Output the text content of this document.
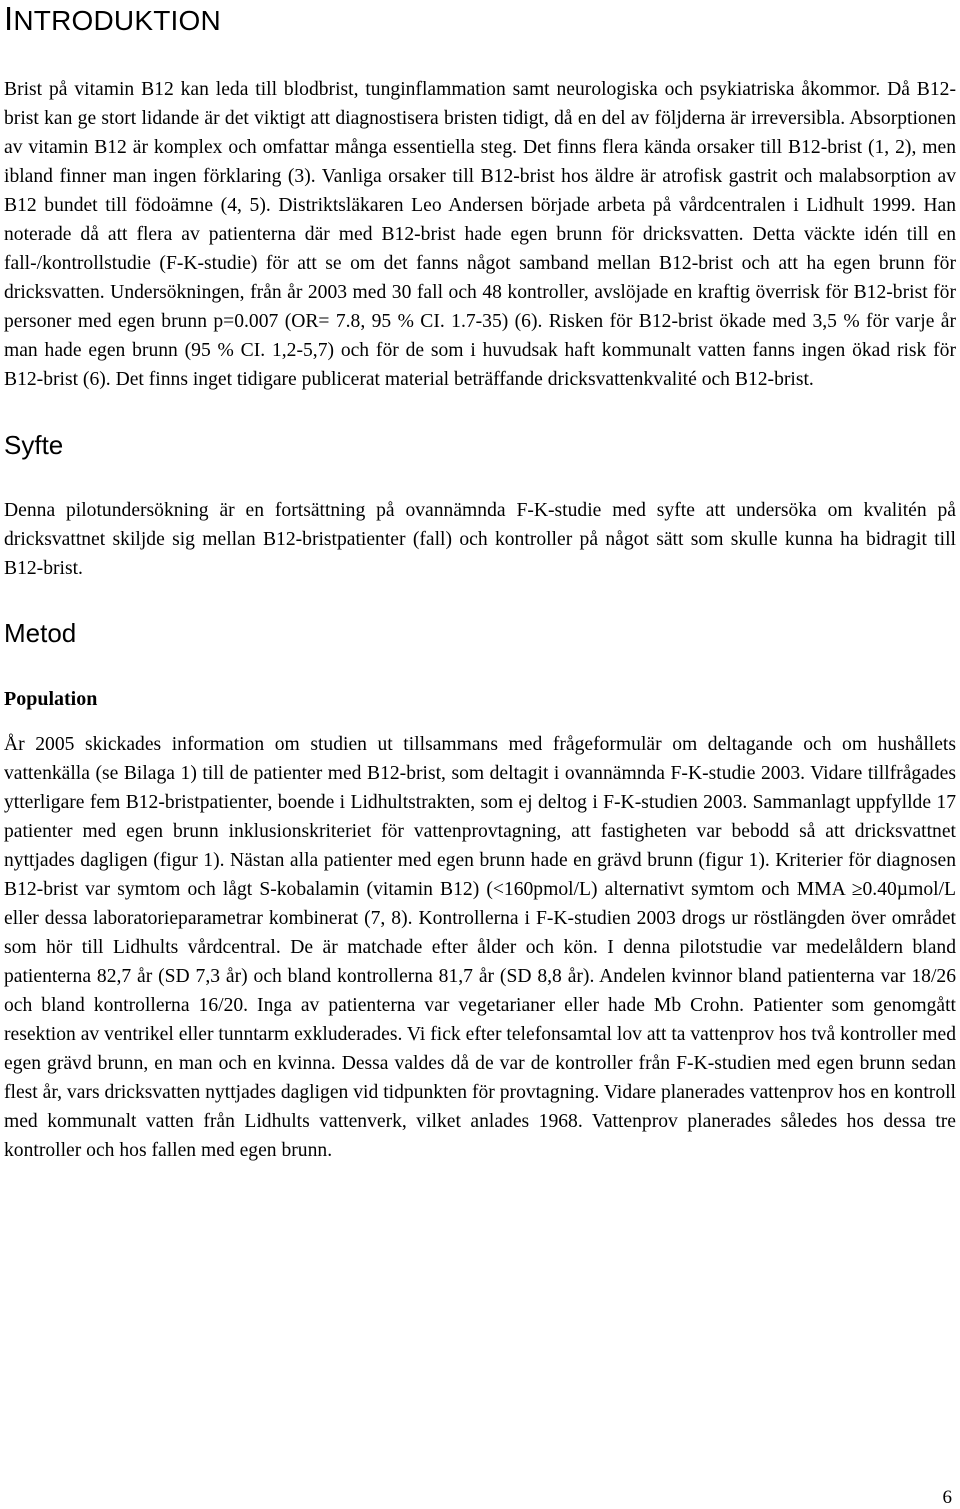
INTRODUKTION

Brist på vitamin B12 kan leda till blodbrist, tunginflammation samt neurologiska och psykiatriska åkommor. Då B12-brist kan ge stort lidande är det viktigt att diagnostisera bristen tidigt, då en del av följderna är irreversibla. Absorptionen av vitamin B12 är komplex och omfattar många essentiella steg. Det finns flera kända orsaker till B12-brist (1, 2), men ibland finner man ingen förklaring (3). Vanliga orsaker till B12-brist hos äldre är atrofisk gastrit och malabsorption av B12 bundet till födoämne (4, 5). Distriktsläkaren Leo Andersen började arbeta på vårdcentralen i Lidhult 1999. Han noterade då att flera av patienterna där med B12-brist hade egen brunn för dricksvatten. Detta väckte idén till en fall-/kontrollstudie (F-K-studie) för att se om det fanns något samband mellan B12-brist och att ha egen brunn för dricksvatten. Undersökningen, från år 2003 med 30 fall och 48 kontroller, avslöjade en kraftig överrisk för B12-brist för personer med egen brunn p=0.007 (OR= 7.8, 95 % CI. 1.7-35) (6). Risken för B12-brist ökade med 3,5 % för varje år man hade egen brunn (95 % CI. 1,2-5,7) och för de som i huvudsak haft kommunalt vatten fanns ingen ökad risk för B12-brist (6). Det finns inget tidigare publicerat material beträffande dricksvattenkvalité och B12-brist.

Syfte

Denna pilotundersökning är en fortsättning på ovannämnda F-K-studie med syfte att undersöka om kvalitén på dricksvattnet skiljde sig mellan B12-bristpatienter (fall) och kontroller på något sätt som skulle kunna ha bidragit till B12-brist.

Metod
Population

År 2005 skickades information om studien ut tillsammans med frågeformulär om deltagande och om hushållets vattenkälla (se Bilaga 1) till de patienter med B12-brist, som deltagit i ovannämnda F-K-studie 2003. Vidare tillfrågades ytterligare fem B12-bristpatienter, boende i Lidhultstrakten, som ej deltog i F-K-studien 2003. Sammanlagt uppfyllde 17 patienter med egen brunn inklusionskriteriet för vattenprovtagning, att fastigheten var bebodd så att dricksvattnet nyttjades dagligen (figur 1). Nästan alla patienter med egen brunn hade en grävd brunn (figur 1). Kriterier för diagnosen B12-brist var symtom och lågt S-kobalamin (vitamin B12) (<160pmol/L) alternativt symtom och MMA ≥0.40µmol/L eller dessa laboratorieparametrar kombinerat (7, 8). Kontrollerna i F-K-studien 2003 drogs ur röstlängden över området som hör till Lidhults vårdcentral. De är matchade efter ålder och kön. I denna pilotstudie var medelåldern bland patienterna 82,7 år (SD 7,3 år) och bland kontrollerna 81,7 år (SD 8,8 år). Andelen kvinnor bland patienterna var 18/26 och bland kontrollerna 16/20. Inga av patienterna var vegetarianer eller hade Mb Crohn. Patienter som genomgått resektion av ventrikel eller tunntarm exkluderades. Vi fick efter telefonsamtal lov att ta vattenprov hos två kontroller med egen grävd brunn, en man och en kvinna. Dessa valdes då de var de kontroller från F-K-studien med egen brunn sedan flest år, vars dricksvatten nyttjades dagligen vid tidpunkten för provtagning. Vidare planerades vattenprov hos en kontroll med kommunalt vatten från Lidhults vattenverk, vilket anlades 1968. Vattenprov planerades således hos dessa tre kontroller och hos fallen med egen brunn.

6
